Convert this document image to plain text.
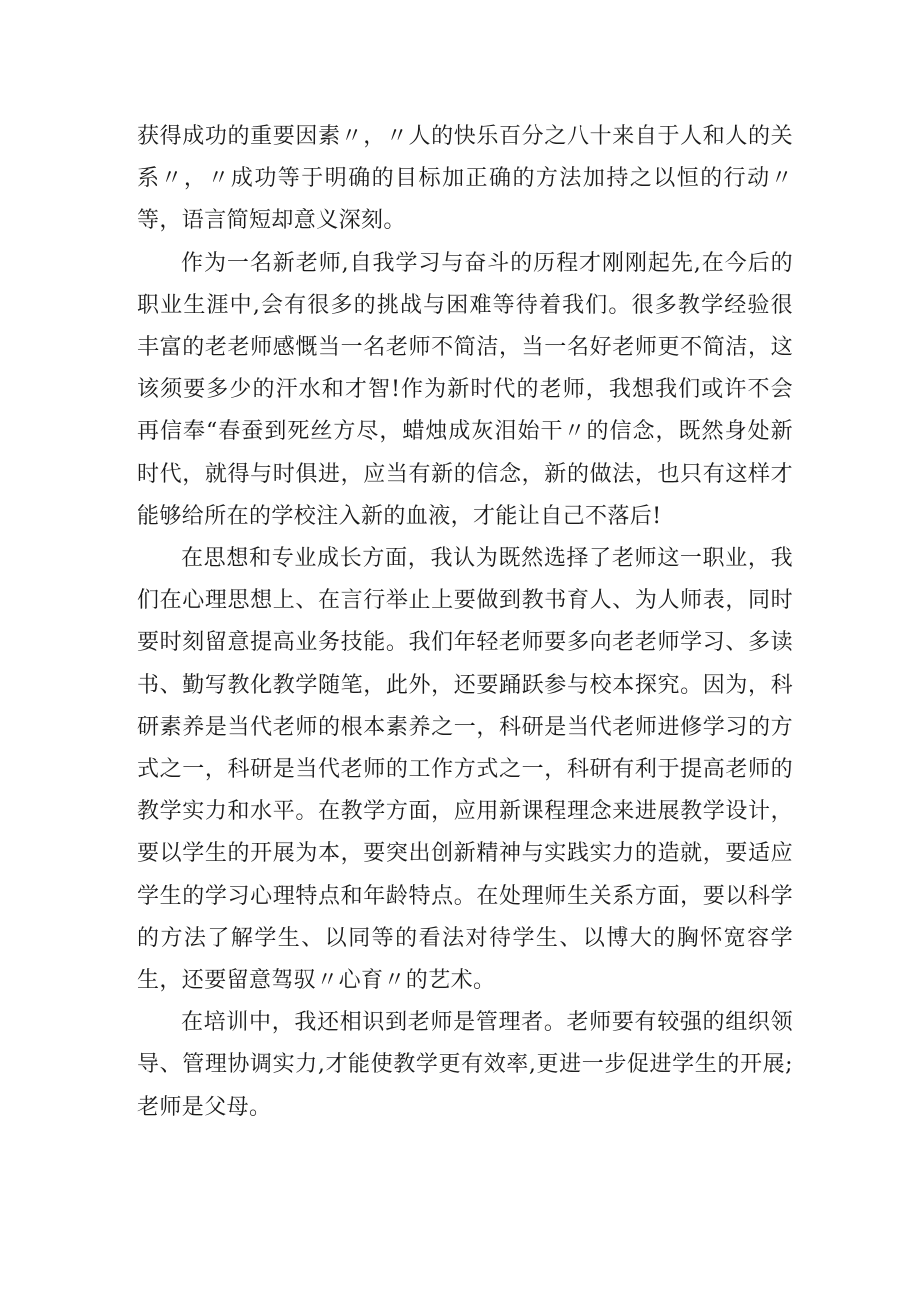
获得成功的重要因素〃，〃人的快乐百分之八十来自于人和人的关系〃，〃成功等于明确的目标加正确的方法加持之以恒的行动〃等，语言简短却意义深刻。

作为一名新老师,自我学习与奋斗的历程才刚刚起先,在今后的职业生涯中,会有很多的挑战与困难等待着我们。很多教学经验很丰富的老老师感慨当一名老师不简洁，当一名好老师更不简洁，这该须要多少的汗水和才智!作为新时代的老师，我想我们或许不会再信奉“春蚕到死丝方尽，蜡烛成灰泪始干〃的信念，既然身处新时代，就得与时俱进，应当有新的信念，新的做法，也只有这样才能够给所在的学校注入新的血液，才能让自己不落后!

在思想和专业成长方面，我认为既然选择了老师这一职业，我们在心理思想上、在言行举止上要做到教书育人、为人师表，同时要时刻留意提高业务技能。我们年轻老师要多向老老师学习、多读书、勤写教化教学随笔，此外，还要踊跃参与校本探究。因为，科研素养是当代老师的根本素养之一，科研是当代老师进修学习的方式之一，科研是当代老师的工作方式之一，科研有利于提高老师的教学实力和水平。在教学方面，应用新课程理念来进展教学设计，要以学生的开展为本，要突出创新精神与实践实力的造就，要适应学生的学习心理特点和年龄特点。在处理师生关系方面，要以科学的方法了解学生、以同等的看法对待学生、以博大的胸怀宽容学生，还要留意驾驭〃心育〃的艺术。

在培训中，我还相识到老师是管理者。老师要有较强的组织领导、管理协调实力,才能使教学更有效率,更进一步促进学生的开展;老师是父母。
